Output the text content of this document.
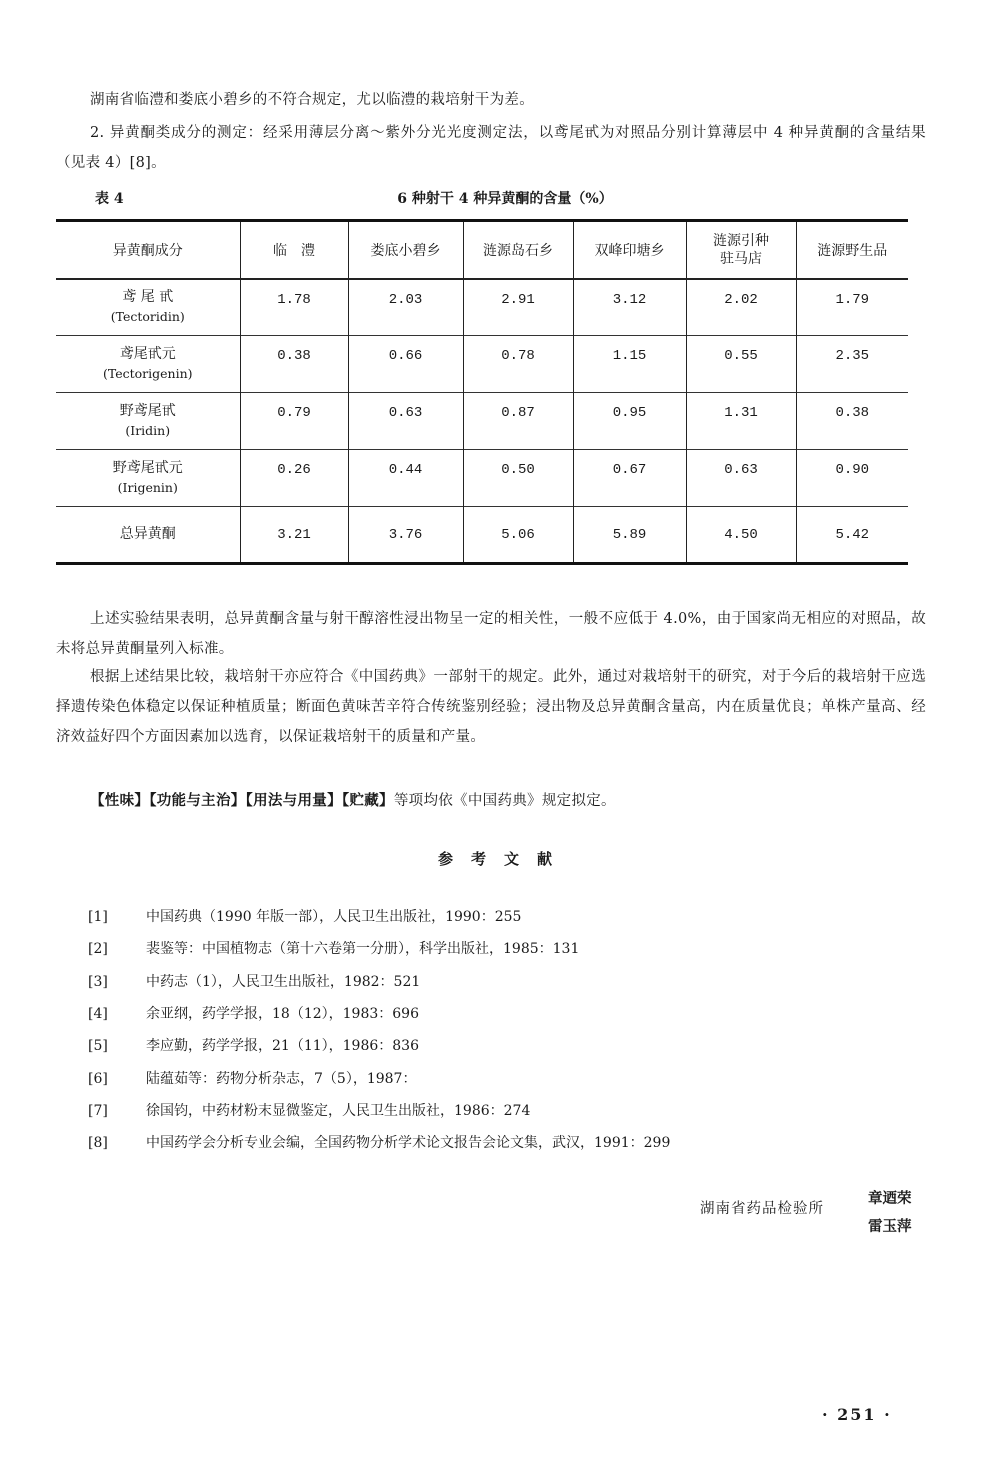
湖南省临澧和娄底小碧乡的不符合规定，尤以临澧的栽培射干为差。
2. 异黄酮类成分的测定：经采用薄层分离～紫外分光光度测定法，以鸢尾甙为对照品分别计算薄层中 4 种异黄酮的含量结果（见表 4）[8]。
表 4	6 种射干 4 种异黄酮的含量（%）
异黄酮成分	临　澧	娄底小碧乡	涟源岛石乡	双峰印塘乡	涟源引种
驻马店	涟源野生品

鸢 尾 甙
(Tectoridin)	1.78	2.03	2.91	3.12	2.02	1.79

鸢尾甙元
(Tectorigenin)	0.38	0.66	0.78	1.15	0.55	2.35

野鸢尾甙
(Iridin)	0.79	0.63	0.87	0.95	1.31	0.38

野鸢尾甙元
(Irigenin)	0.26	0.44	0.50	0.67	0.63	0.90

总异黄酮	3.21	3.76	5.06	5.89	4.50	5.42
上述实验结果表明，总异黄酮含量与射干醇溶性浸出物呈一定的相关性，一般不应低于 4.0%，由于国家尚无相应的对照品，故未将总异黄酮量列入标准。
根据上述结果比较，栽培射干亦应符合《中国药典》一部射干的规定。此外，通过对栽培射干的研究，对于今后的栽培射干应选择遗传染色体稳定以保证种植质量；断面色黄味苦辛符合传统鉴别经验；浸出物及总异黄酮含量高，内在质量优良；单株产量高、经济效益好四个方面因素加以选育，以保证栽培射干的质量和产量。
【性味】【功能与主治】【用法与用量】【贮藏】等项均依《中国药典》规定拟定。
参考文献
[1]	中国药典（1990 年版一部），人民卫生出版社，1990：255
[2]	裴鉴等：中国植物志（第十六卷第一分册），科学出版社，1985：131
[3]	中药志（1），人民卫生出版社，1982：521
[4]	余亚纲，药学学报，18（12），1983：696
[5]	李应勤，药学学报，21（11），1986：836
[6]	陆蕴茹等：药物分析杂志，7（5），1987：
[7]	徐国钧，中药材粉末显微鉴定，人民卫生出版社，1986：274
[8]	中国药学会分析专业会编，全国药物分析学术论文报告会论文集，武汉，1991：299
湖南省药品检验所
章迺荣
雷玉萍
· 251 ·
